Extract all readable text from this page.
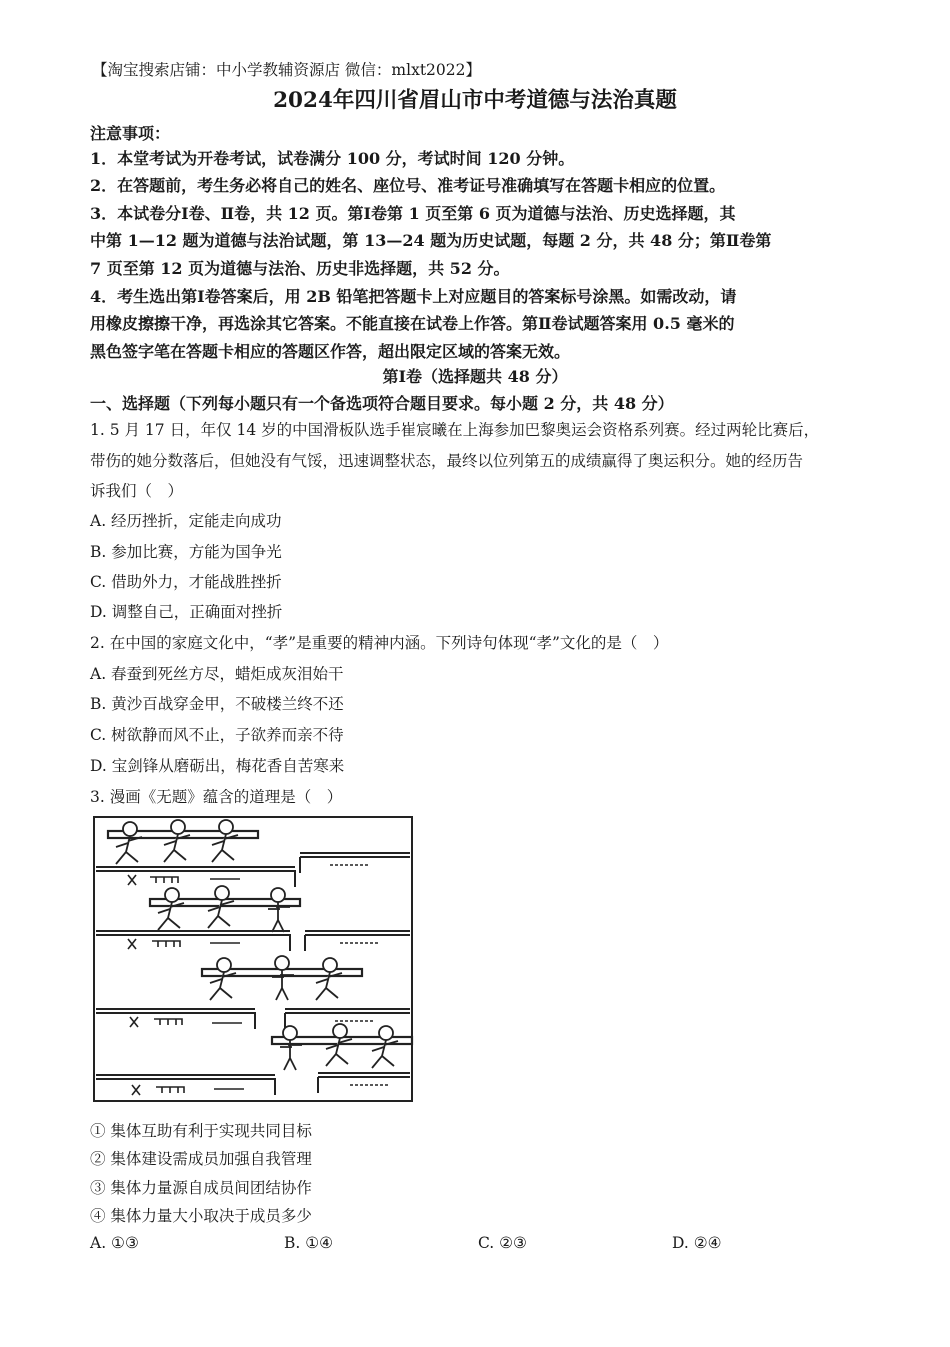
【淘宝搜索店铺：中小学教辅资源店 微信：mlxt2022】
2024年四川省眉山市中考道德与法治真题
注意事项：
1．本堂考试为开卷考试，试卷满分 100 分，考试时间 120 分钟。
2．在答题前，考生务必将自己的姓名、座位号、准考证号准确填写在答题卡相应的位置。
3．本试卷分Ⅰ卷、Ⅱ卷，共 12 页。第Ⅰ卷第 1 页至第 6 页为道德与法治、历史选择题，其
中第 1—12 题为道德与法治试题，第 13—24 题为历史试题，每题 2 分，共 48 分；第Ⅱ卷第
7 页至第 12 页为道德与法治、历史非选择题，共 52 分。
4．考生选出第Ⅰ卷答案后，用 2B 铅笔把答题卡上对应题目的答案标号涂黑。如需改动，请
用橡皮擦擦干净，再选涂其它答案。不能直接在试卷上作答。第Ⅱ卷试题答案用 0.5 毫米的
黑色签字笔在答题卡相应的答题区作答，超出限定区域的答案无效。
第Ⅰ卷（选择题共 48 分）
一、选择题（下列每小题只有一个备选项符合题目要求。每小题 2 分，共 48 分）
1. 5 月 17 日，年仅 14 岁的中国滑板队选手崔宸曦在上海参加巴黎奥运会资格系列赛。经过两轮比赛后，
带伤的她分数落后，但她没有气馁，迅速调整状态，最终以位列第五的成绩赢得了奥运积分。她的经历告
诉我们（　）
A. 经历挫折，定能走向成功
B. 参加比赛，方能为国争光
C. 借助外力，才能战胜挫折
D. 调整自己，正确面对挫折
2. 在中国的家庭文化中，“孝”是重要的精神内涵。下列诗句体现“孝”文化的是（　）
A. 春蚕到死丝方尽，蜡炬成灰泪始干
B. 黄沙百战穿金甲，不破楼兰终不还
C. 树欲静而风不止，子欲养而亲不待
D. 宝剑锋从磨砺出，梅花香自苦寒来
3. 漫画《无题》蕴含的道理是（　）
① 集体互助有利于实现共同目标
② 集体建设需成员加强自我管理
③ 集体力量源自成员间团结协作
④ 集体力量大小取决于成员多少
A. ①③	B. ①④	C. ②③	D. ②④
